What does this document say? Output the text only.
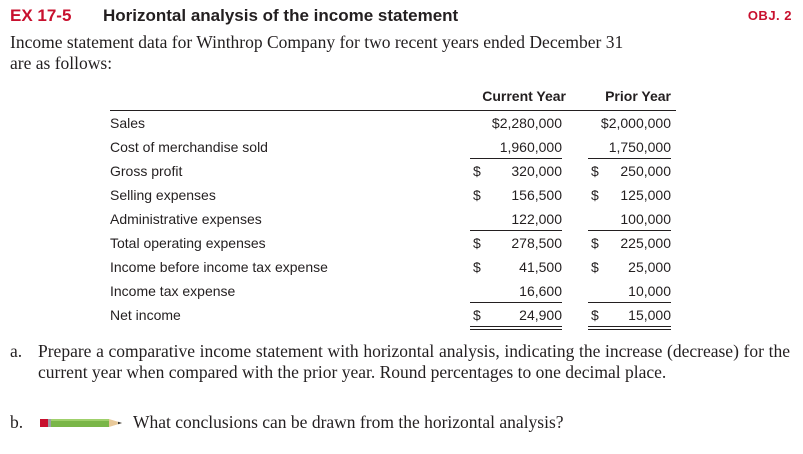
EX 17-5 Horizontal analysis of the income statement	OBJ. 2
Income statement data for Winthrop Company for two recent years ended December 31
are as follows:
Current Year	Prior Year
Sales	$2,280,000	$2,000,000
Cost of merchandise sold	1,960,000	1,750,000
Gross profit	$ 320,000 $ 250,000
Selling expenses	$ 156,500 $ 125,000
Administrative expenses	122,000	100,000
Total operating expenses	$ 278,500 $ 225,000
Income before income tax expense	$	41,500 $ 25,000
Income tax expense	16,600	10,000
Net income	$	24,900 $ 15,000
a. Prepare a comparative income statement with horizontal analysis, indicating the increase (decrease) for the current year when compared with the prior year. Round percentages to one decimal place.
b.	What conclusions can be drawn from the horizontal analysis?
